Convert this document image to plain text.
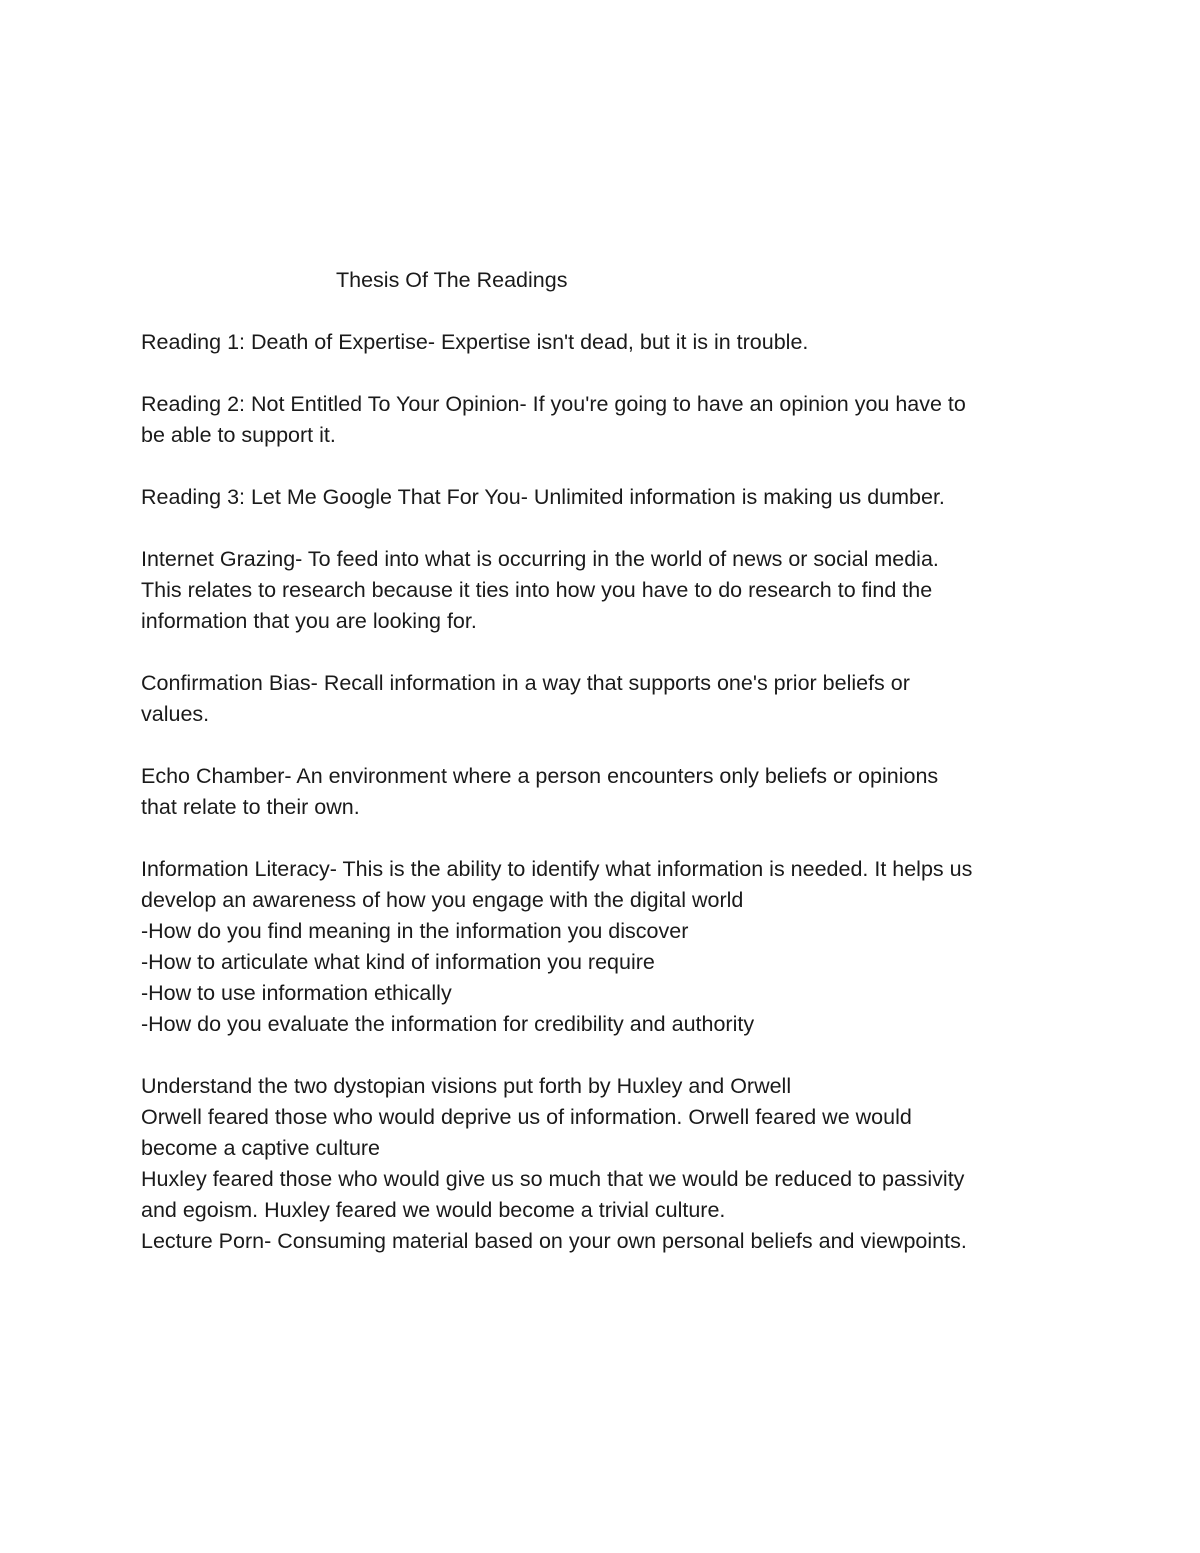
Thesis Of The Readings

Reading 1: Death of Expertise- Expertise isn't dead, but it is in trouble.
Reading 2: Not Entitled To Your Opinion- If you're going to have an opinion you have to
be able to support it.
Reading 3: Let Me Google That For You- Unlimited information is making us dumber.
Internet Grazing- To feed into what is occurring in the world of news or social media.
This relates to research because it ties into how you have to do research to find the
information that you are looking for.
Confirmation Bias- Recall information in a way that supports one's prior beliefs or
values.
Echo Chamber- An environment where a person encounters only beliefs or opinions
that relate to their own.
Information Literacy- This is the ability to identify what information is needed. It helps us
develop an awareness of how you engage with the digital world
-How do you find meaning in the information you discover
-How to articulate what kind of information you require
-How to use information ethically
-How do you evaluate the information for credibility and authority
Understand the two dystopian visions put forth by Huxley and Orwell
Orwell feared those who would deprive us of information. Orwell feared we would
become a captive culture
Huxley feared those who would give us so much that we would be reduced to passivity
and egoism. Huxley feared we would become a trivial culture.
Lecture Porn- Consuming material based on your own personal beliefs and viewpoints.
